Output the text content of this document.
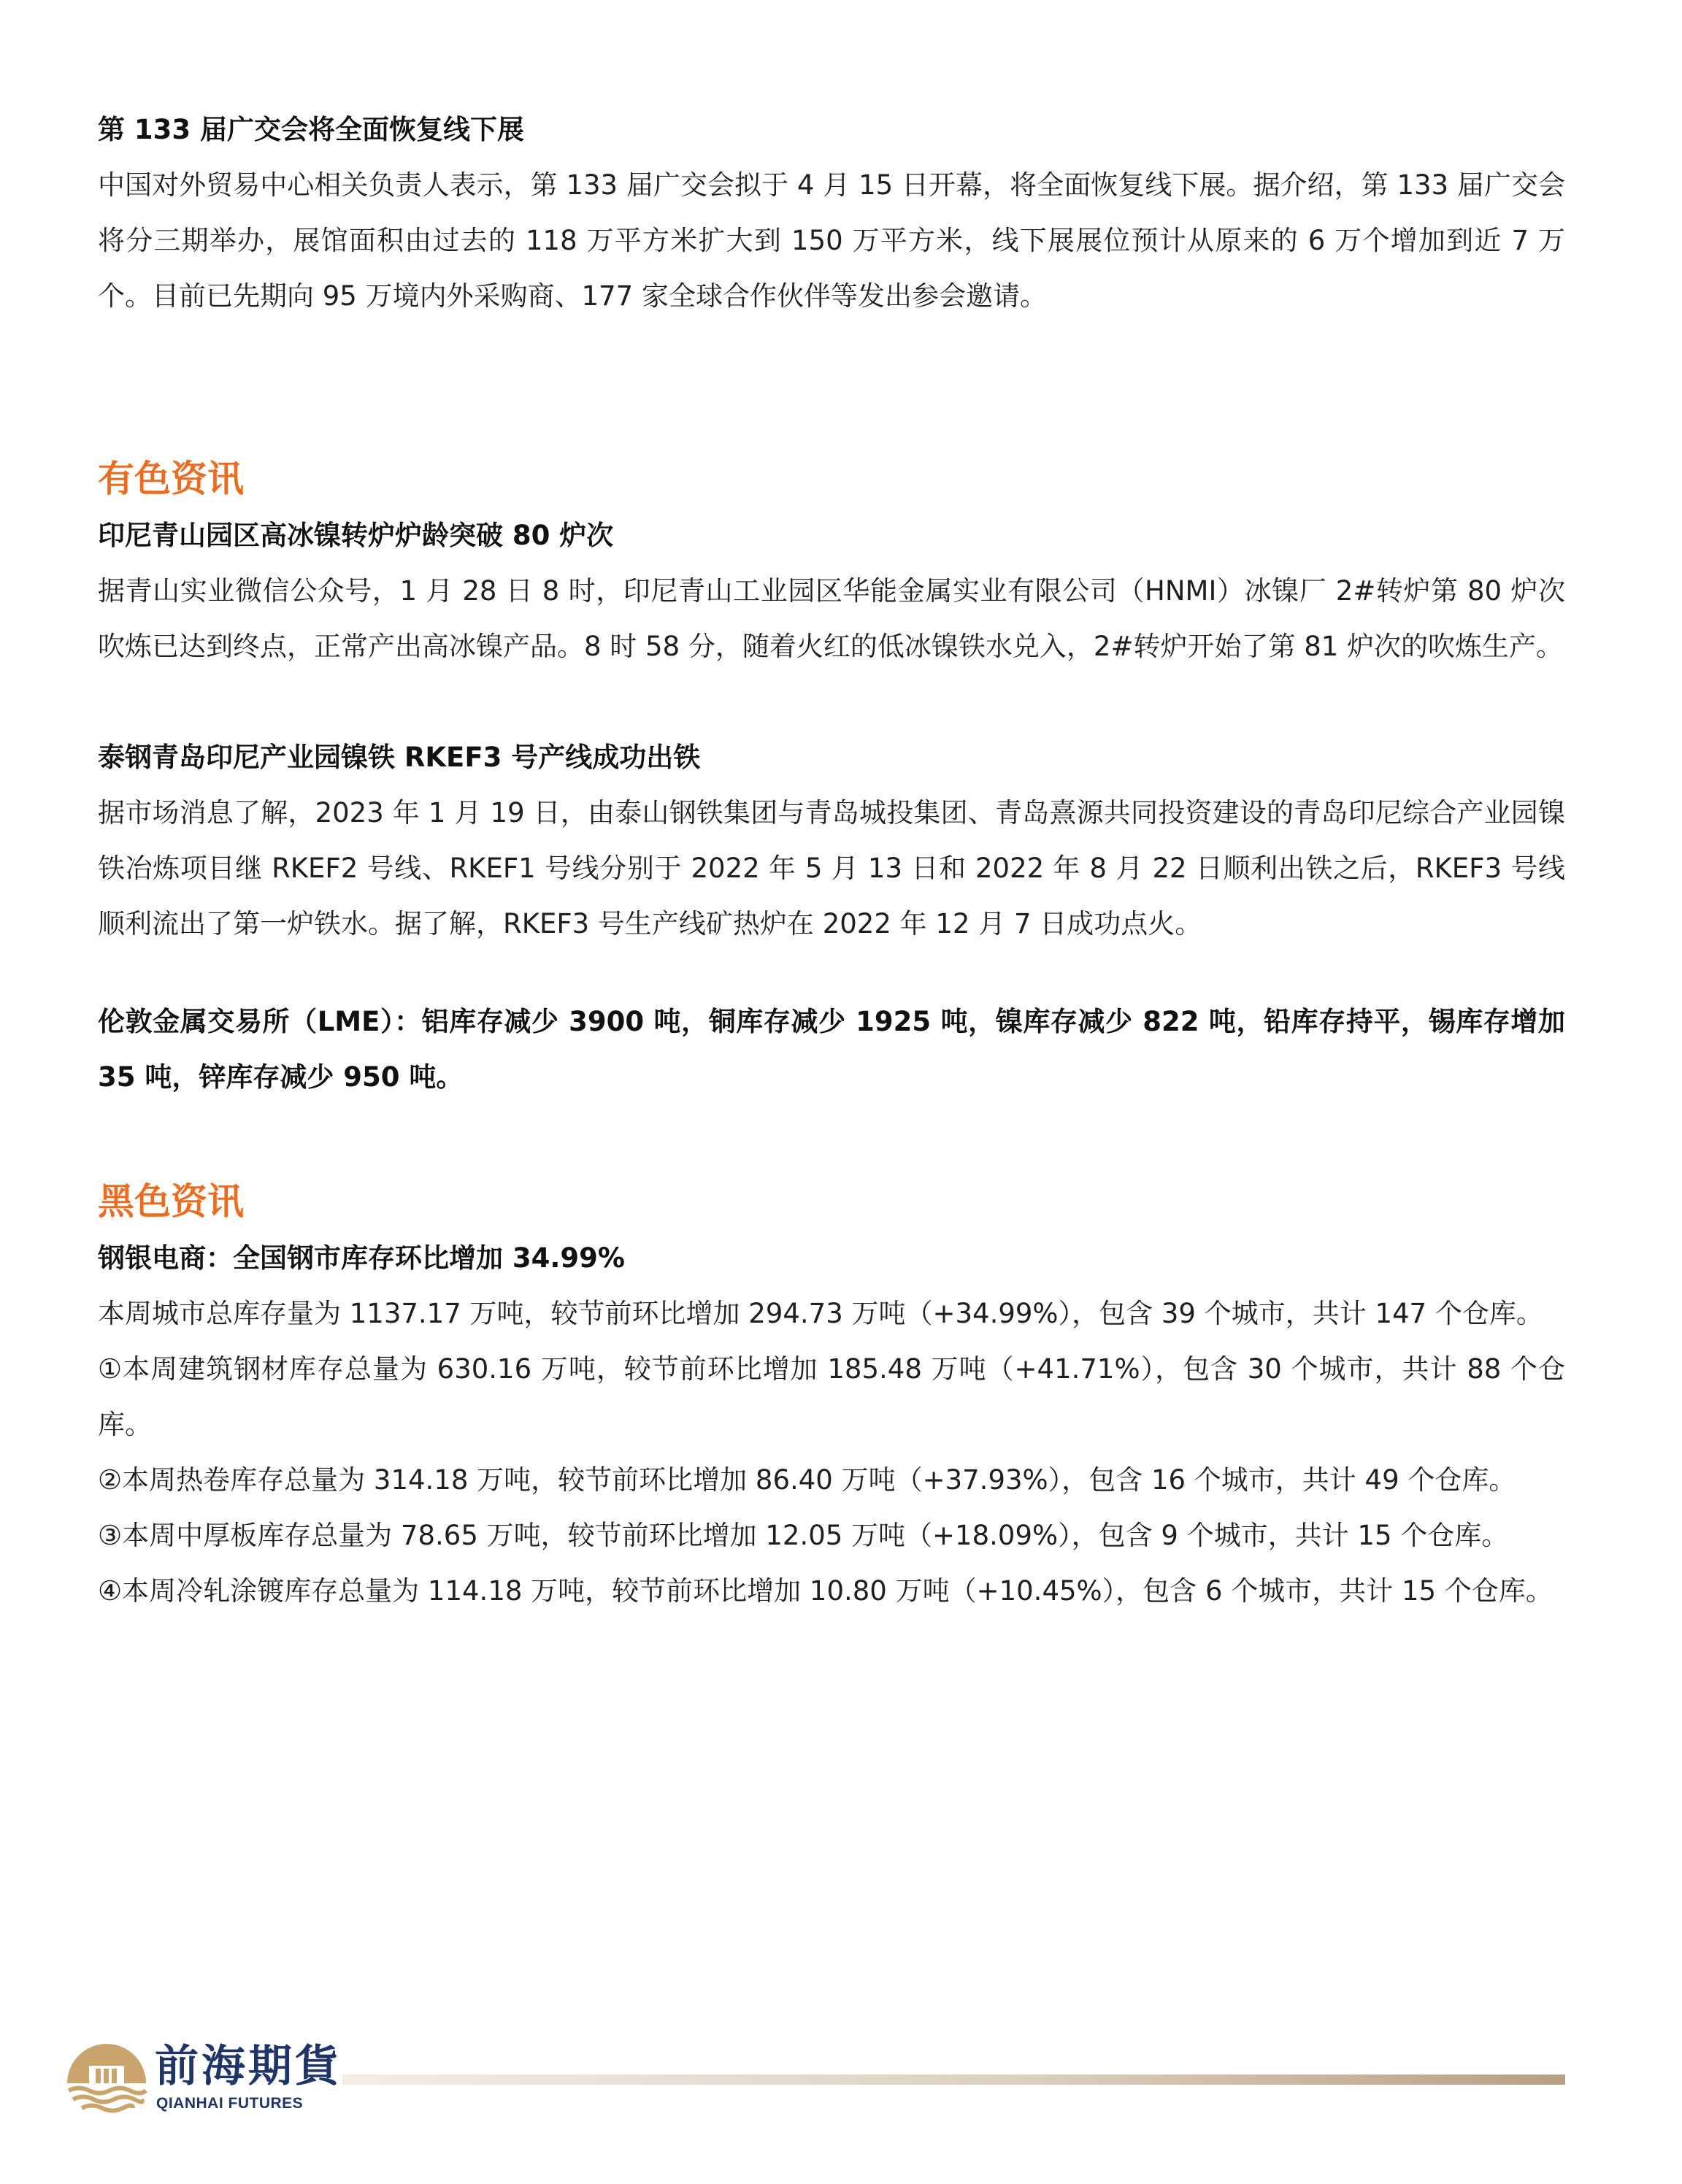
第 133 届广交会将全面恢复线下展

中国对外贸易中心相关负责人表示，第 133 届广交会拟于 4 月 15 日开幕，将全面恢复线下展。据介绍，第 133 届广交会将分三期举办，展馆面积由过去的 118 万平方米扩大到 150 万平方米，线下展展位预计从原来的 6 万个增加到近 7 万个。目前已先期向 95 万境内外采购商、177 家全球合作伙伴等发出参会邀请。

有色资讯

印尼青山园区高冰镍转炉炉龄突破 80 炉次

据青山实业微信公众号，1 月 28 日 8 时，印尼青山工业园区华能金属实业有限公司（HNMI）冰镍厂 2#转炉第 80 炉次吹炼已达到终点，正常产出高冰镍产品。8 时 58 分，随着火红的低冰镍铁水兑入，2#转炉开始了第 81 炉次的吹炼生产。

泰钢青岛印尼产业园镍铁 RKEF3 号产线成功出铁

据市场消息了解，2023 年 1 月 19 日，由泰山钢铁集团与青岛城投集团、青岛熹源共同投资建设的青岛印尼综合产业园镍铁冶炼项目继 RKEF2 号线、RKEF1 号线分别于 2022 年 5 月 13 日和 2022 年 8 月 22 日顺利出铁之后，RKEF3 号线顺利流出了第一炉铁水。据了解，RKEF3 号生产线矿热炉在 2022 年 12 月 7 日成功点火。

伦敦金属交易所（LME）：铝库存减少 3900 吨，铜库存减少 1925 吨，镍库存减少 822 吨，铅库存持平，锡库存增加 35 吨，锌库存减少 950 吨。

黑色资讯

钢银电商：全国钢市库存环比增加 34.99%

本周城市总库存量为 1137.17 万吨，较节前环比增加 294.73 万吨（+34.99%），包含 39 个城市，共计 147 个仓库。

①本周建筑钢材库存总量为 630.16 万吨，较节前环比增加 185.48 万吨（+41.71%），包含 30 个城市，共计 88 个仓库。

②本周热卷库存总量为 314.18 万吨，较节前环比增加 86.40 万吨（+37.93%），包含 16 个城市，共计 49 个仓库。

③本周中厚板库存总量为 78.65 万吨，较节前环比增加 12.05 万吨（+18.09%），包含 9 个城市，共计 15 个仓库。

④本周冷轧涂镀库存总量为 114.18 万吨，较节前环比增加 10.80 万吨（+10.45%），包含 6 个城市，共计 15 个仓库。

前海期貨
QIANHAI FUTURES
